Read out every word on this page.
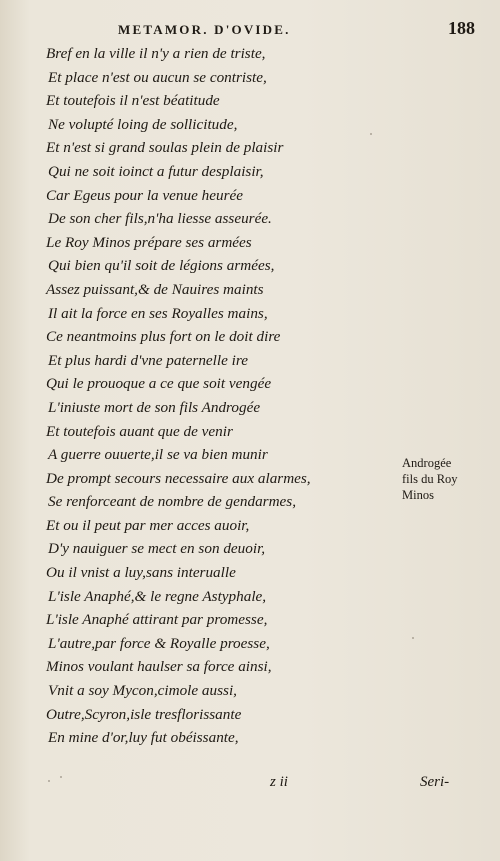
METAMOR. D'OVIDE.	188
Bref en la ville il n'y a rien de triste,
Et place n'est ou aucun se contriste,
Et toutefois il n'est béatitude
Ne volupté loing de sollicitude,
Et n'est si grand soulas plein de plaisir
Qui ne soit ioinct a futur desplaisir,
Car Egeus pour la venue heurée
De son cher fils,n'ha liesse asseurée.
Le Roy Minos prépare ses armées
Qui bien qu'il soit de légions armées,
Assez puissant,& de Nauires maints
Il ait la force en ses Royalles mains,
Ce neantmoins plus fort on le doit dire
Et plus hardi d'vne paternelle ire
Qui le prouoque a ce que soit vengée
L'iniuste mort de son fils Androgée
Et toutefois auant que de venir
A guerre ouuerte,il se va bien munir
De prompt secours necessaire aux alarmes,
Se renforceant de nombre de gendarmes,
Et ou il peut par mer acces auoir,
D'y nauiguer se mect en son deuoir,
Ou il vnist a luy,sans interualle
L'isle Anaphé,& le regne Astyphale,
L'isle Anaphé attirant par promesse,
L'autre,par force & Royalle proesse,
Minos voulant haulser sa force ainsi,
Vnit a soy Mycon,cimole aussi,
Outre,Scyron,isle tresflorissante
En mine d'or,luy fut obéissante,
Androgée
fils du Roy
Minos
z ii	Seri-
